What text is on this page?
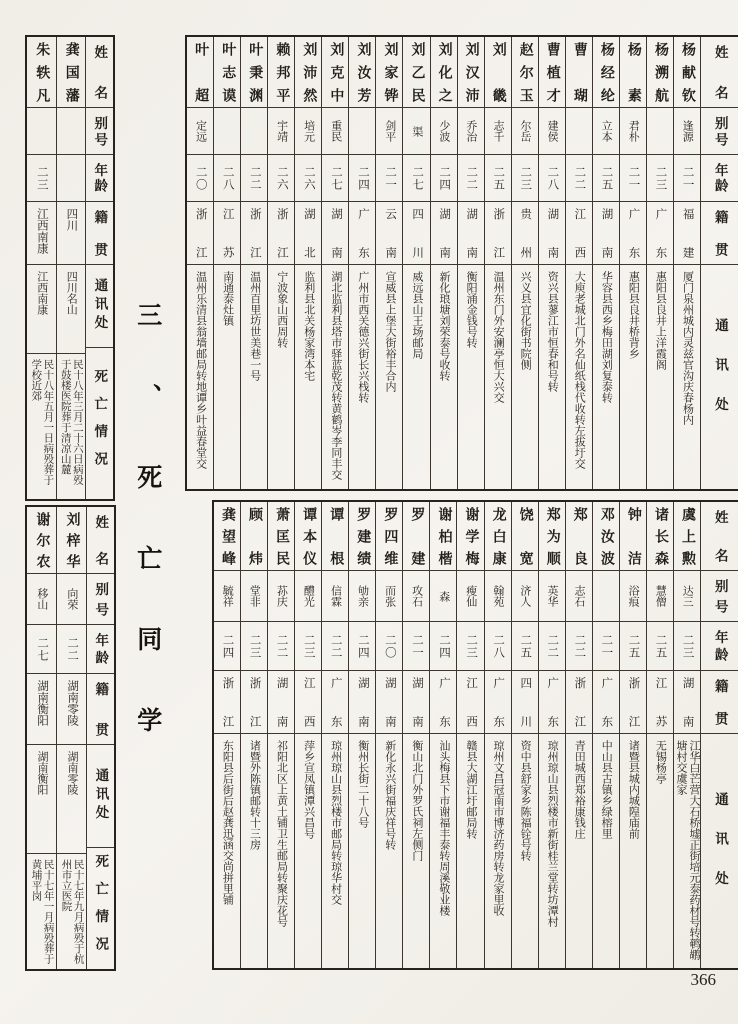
三、死亡同学
姓名
别号
年龄
籍贯
通讯处
杨献钦
逢源
二一
福建
厦门泉州城内灵兹官沟庆春杨内
杨溯航
二三
广东
惠阳县良井上洋霞阁
杨素
君朴
二一
广东
惠阳县良井桥背乡
杨经纶
立本
二五
湖南
华容县西乡梅田湖刘复泰转
曹瑚
二二
江西
大庾老城北门外名仙纸栈代收转左拔圩交
曹植才
建侯
二八
湖南
资兴县蓼江市恒春和号转
赵尔玉
尔岳
二三
贵州
兴义县宜化街书院侧
刘畿
志千
二五
浙江
温州东门外安澜亭恒大兴交
刘汉沛
乔治
二二
湖南
衡阳涌金钱号转
刘化之
少波
二四
湖南
新化琅塘刘荣泰号收转
刘乙民
渠
二七
四川
威远县山王场邮局
刘家铧
剑平
二一
云南
宣威县上堡大街裕丰合内
刘汝芳
二四
广东
广州市西关德兴街长兴栈转
刘克中
重民
二七
湖南
湖北监利县塔市驿蓝乾茂转黄鹤岑李同丰交
刘沛然
培元
二六
湖北
监利县北关杨家湾本宅
赖邦平
宇靖
二六
浙江
宁波象山西周转
叶秉渊
二二
浙江
温州百里坊世美巷一号
叶志谟
二八
江苏
南通泰灶镇
叶超
定远
二〇
浙江
温州乐清县翁墙邮局转地谭乡叶益春堂交
姓名
别号
年龄
籍贯
通讯处
虞上勲
达三
二三
湖南
江华白芒营大石桥墟正街培元泰药材号转鹌鹕塘村交虞家
诸长森
慧僧
二五
江苏
无锡杨亭
钟洁
浴痕
二五
浙江
诸暨县城内城隍庙前
邓汝波
二一
广东
中山县古镇乡绿榕里
郑良
志石
二二
浙江
青田城西郑裕康钱庄
郑为顺
英华
二二
广东
琼州琼山县烈楼市新街桂兰堂转坊潭村
饶宽
济人
二五
四川
资中县舒家乡陈福铨号转
龙白康
翰苑
二八
广东
琼州文昌冠南市博济药房转龙家里收
谢学梅
瘦仙
二三
江西
赣县大湖江圩邮局转
谢柏楷
森
二四
广东
汕头梅县下市谢福丰泰转周溪敬业楼
罗建
攻石
二一
湖南
衡山北门外罗氏祠左侧门
罗四维
而张
二〇
湖南
新化永兴街福庆祥号转
罗建绩
劬亲
二四
湖南
衡州长街二十八号
谭根
信霖
二二
广东
琼州琼山县烈楼市邮局转琼华村交
谭本仪
醴光
二三
江西
萍乡宣凤镇潭兴昌号
萧匡民
荪庆
二二
湖南
祁阳北区上黄土铺卫生邮局转聚庆花号
顾炜
堂非
二三
浙江
诸暨外陈镇邮转十三房
龚望峰
毓祥
二四
浙江
东阳县后街后赵龚迅涵交尚拼里铺
姓名
别号
年龄
籍贯
通讯处
死亡情况
龚国藩
四川
四川名山
民十八年三月二十六日病殁于鼓楼医院葬于清凉山麓
朱轶凡
二三
江西南康
江西南康
民十八年五月一日病殁葬于学校近郊
姓名
别号
年龄
籍贯
通讯处
死亡情况
刘梓华
向荣
二二
湖南零陵
湖南零陵
民十七年九月病殁于杭州市立医院
谢尔农
移山
二七
湖南衡阳
湖南衡阳
民十七年一月病殁葬于黄埔平岗
366
